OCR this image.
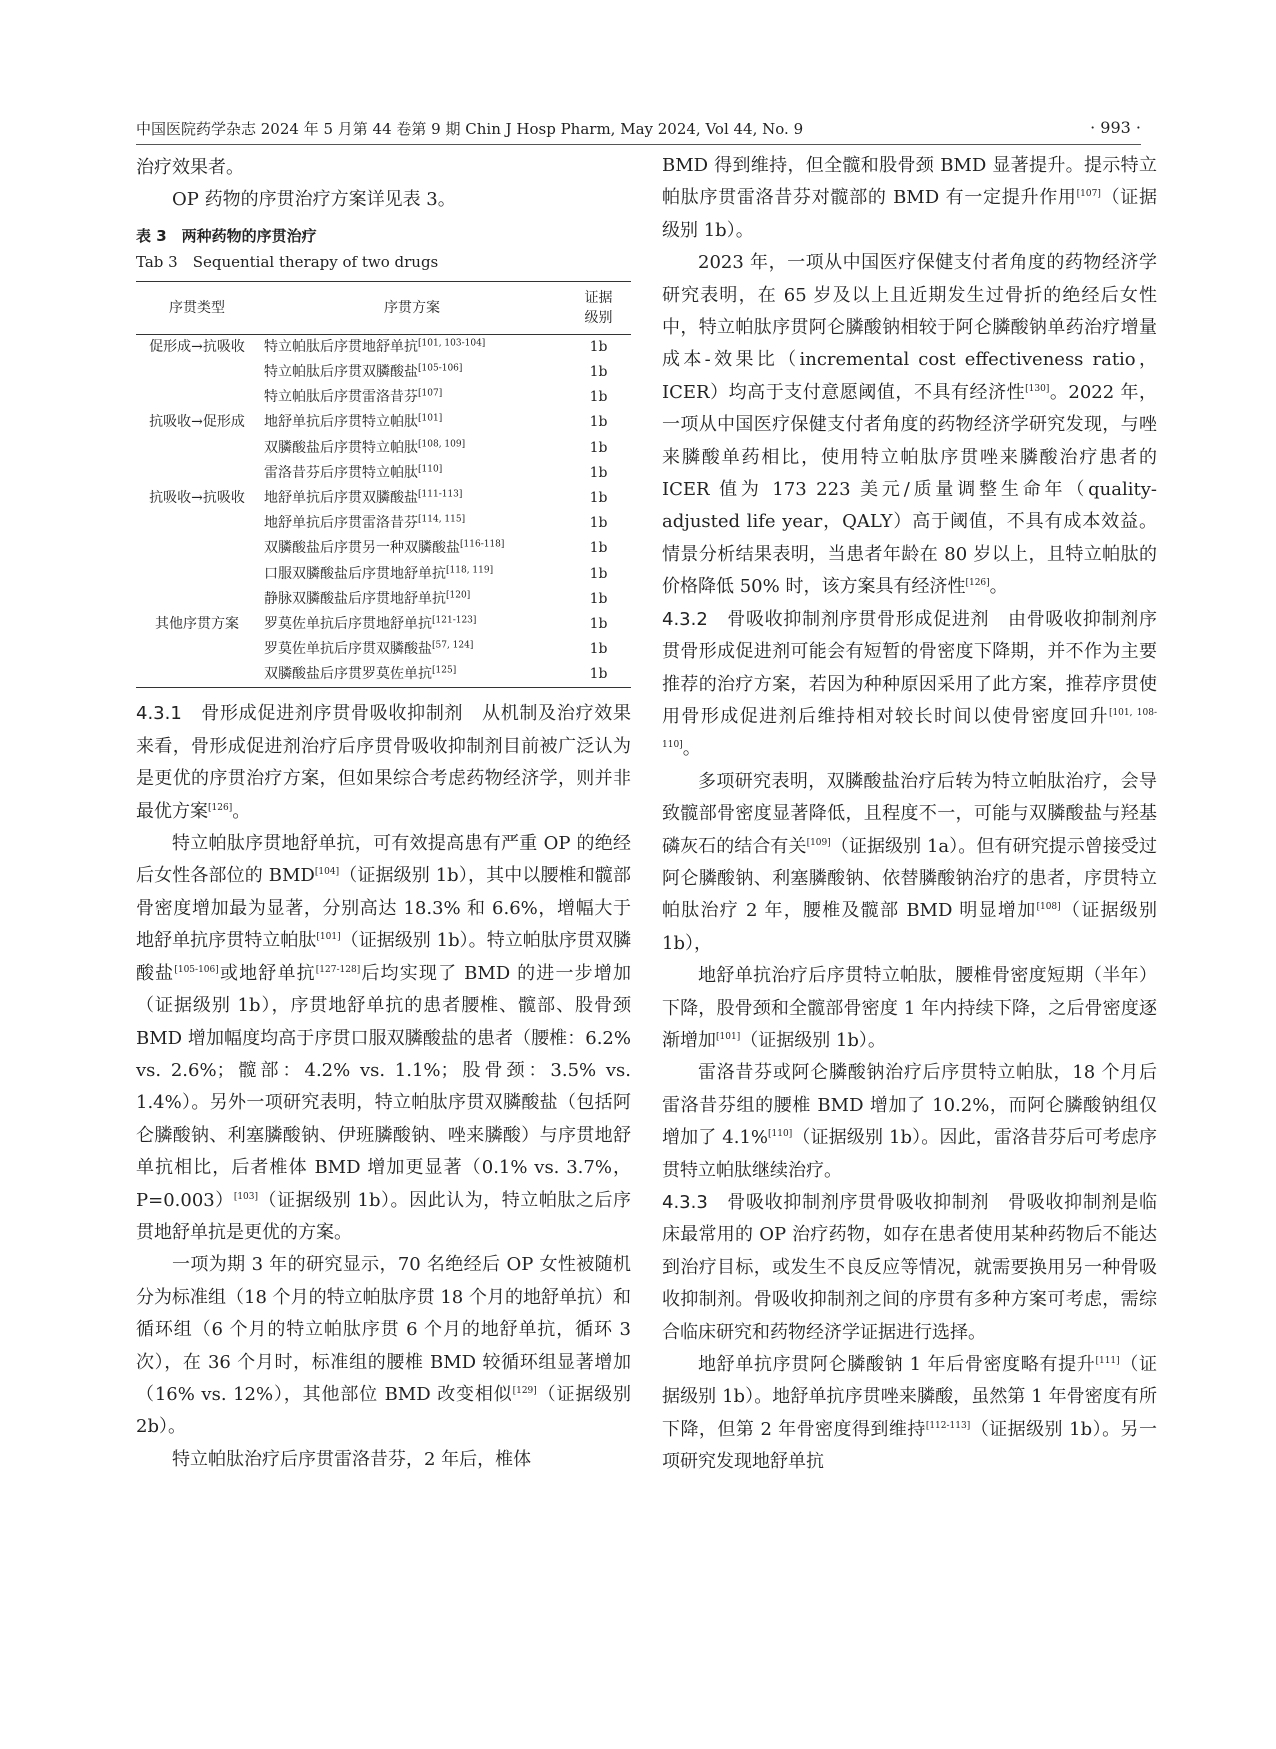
中国医院药学杂志 2024 年 5 月第 44 卷第 9 期 Chin J Hosp Pharm, May 2024, Vol 44, No. 9	· 993 ·

治疗效果者。

OP 药物的序贯治疗方案详见表 3。

表 3　两种药物的序贯治疗
Tab 3　Sequential therapy of two drugs
序贯类型	序贯方案	证据级别
促形成→抗吸收	特立帕肽后序贯地舒单抗[101, 103-104]	1b
	特立帕肽后序贯双膦酸盐[105-106]	1b
	特立帕肽后序贯雷洛昔芬[107]	1b
抗吸收→促形成	地舒单抗后序贯特立帕肽[101]	1b
	双膦酸盐后序贯特立帕肽[108, 109]	1b
	雷洛昔芬后序贯特立帕肽[110]	1b
抗吸收→抗吸收	地舒单抗后序贯双膦酸盐[111-113]	1b
	地舒单抗后序贯雷洛昔芬[114, 115]	1b
	双膦酸盐后序贯另一种双膦酸盐[116-118]	1b
	口服双膦酸盐后序贯地舒单抗[118, 119]	1b
	静脉双膦酸盐后序贯地舒单抗[120]	1b
其他序贯方案	罗莫佐单抗后序贯地舒单抗[121-123]	1b
	罗莫佐单抗后序贯双膦酸盐[57, 124]	1b
	双膦酸盐后序贯罗莫佐单抗[125]	1b

4.3.1　 骨形成促进剂序贯骨吸收抑制剂　 从机制及治疗效果来看，骨形成促进剂治疗后序贯骨吸收抑制剂目前被广泛认为是更优的序贯治疗方案，但如果综合考虑药物经济学，则并非最优方案[126]。

特立帕肽序贯地舒单抗，可有效提高患有严重 OP 的绝经后女性各部位的 BMD[104]（证据级别 1b），其中以腰椎和髋部骨密度增加最为显著，分别高达 18.3% 和 6.6%，增幅大于地舒单抗序贯特立帕肽[101]（证据级别 1b）。特立帕肽序贯双膦酸盐[105-106]或地舒单抗[127-128]后均实现了 BMD 的进一步增加（证据级别 1b），序贯地舒单抗的患者腰椎、髋部、股骨颈 BMD 增加幅度均高于序贯口服双膦酸盐的患者（腰椎：6.2% vs. 2.6%；髋部：4.2% vs. 1.1%；股骨颈：3.5% vs. 1.4%）。另外一项研究表明，特立帕肽序贯双膦酸盐（包括阿仑膦酸钠、利塞膦酸钠、伊班膦酸钠、唑来膦酸）与序贯地舒单抗相比，后者椎体 BMD 增加更显著（0.1% vs. 3.7%，P=0.003）[103]（证据级别 1b）。因此认为，特立帕肽之后序贯地舒单抗是更优的方案。

一项为期 3 年的研究显示，70 名绝经后 OP 女性被随机分为标准组（18 个月的特立帕肽序贯 18 个月的地舒单抗）和循环组（6 个月的特立帕肽序贯 6 个月的地舒单抗，循环 3 次），在 36 个月时，标准组的腰椎 BMD 较循环组显著增加（16% vs. 12%），其他部位 BMD 改变相似[129]（证据级别 2b）。

特立帕肽治疗后序贯雷洛昔芬，2 年后，椎体

BMD 得到维持，但全髋和股骨颈 BMD 显著提升。提示特立帕肽序贯雷洛昔芬对髋部的 BMD 有一定提升作用[107]（证据级别 1b）。

2023 年，一项从中国医疗保健支付者角度的药物经济学研究表明，在 65 岁及以上且近期发生过骨折的绝经后女性中，特立帕肽序贯阿仑膦酸钠相较于阿仑膦酸钠单药治疗增量成本-效果比（incremental cost effectiveness ratio，ICER）均高于支付意愿阈值，不具有经济性[130]。2022 年，一项从中国医疗保健支付者角度的药物经济学研究发现，与唑来膦酸单药相比，使用特立帕肽序贯唑来膦酸治疗患者的 ICER 值为 173 223 美元/质量调整生命年（quality-adjusted life year，QALY）高于阈值，不具有成本效益。情景分析结果表明，当患者年龄在 80 岁以上，且特立帕肽的价格降低 50% 时，该方案具有经济性[126]。

4.3.2　 骨吸收抑制剂序贯骨形成促进剂　 由骨吸收抑制剂序贯骨形成促进剂可能会有短暂的骨密度下降期，并不作为主要推荐的治疗方案，若因为种种原因采用了此方案，推荐序贯使用骨形成促进剂后维持相对较长时间以使骨密度回升[101, 108-110]。

多项研究表明，双膦酸盐治疗后转为特立帕肽治疗，会导致髋部骨密度显著降低，且程度不一，可能与双膦酸盐与羟基磷灰石的结合有关[109]（证据级别 1a）。但有研究提示曾接受过阿仑膦酸钠、利塞膦酸钠、依替膦酸钠治疗的患者，序贯特立帕肽治疗 2 年，腰椎及髋部 BMD 明显增加[108]（证据级别 1b），

地舒单抗治疗后序贯特立帕肽，腰椎骨密度短期（半年）下降，股骨颈和全髋部骨密度 1 年内持续下降，之后骨密度逐渐增加[101]（证据级别 1b）。

雷洛昔芬或阿仑膦酸钠治疗后序贯特立帕肽，18 个月后雷洛昔芬组的腰椎 BMD 增加了 10.2%，而阿仑膦酸钠组仅增加了 4.1%[110]（证据级别 1b）。因此，雷洛昔芬后可考虑序贯特立帕肽继续治疗。

4.3.3　 骨吸收抑制剂序贯骨吸收抑制剂　 骨吸收抑制剂是临床最常用的 OP 治疗药物，如存在患者使用某种药物后不能达到治疗目标，或发生不良反应等情况，就需要换用另一种骨吸收抑制剂。骨吸收抑制剂之间的序贯有多种方案可考虑，需综合临床研究和药物经济学证据进行选择。

地舒单抗序贯阿仑膦酸钠 1 年后骨密度略有提升[111]（证据级别 1b）。地舒单抗序贯唑来膦酸，虽然第 1 年骨密度有所下降，但第 2 年骨密度得到维持[112-113]（证据级别 1b）。另一项研究发现地舒单抗
